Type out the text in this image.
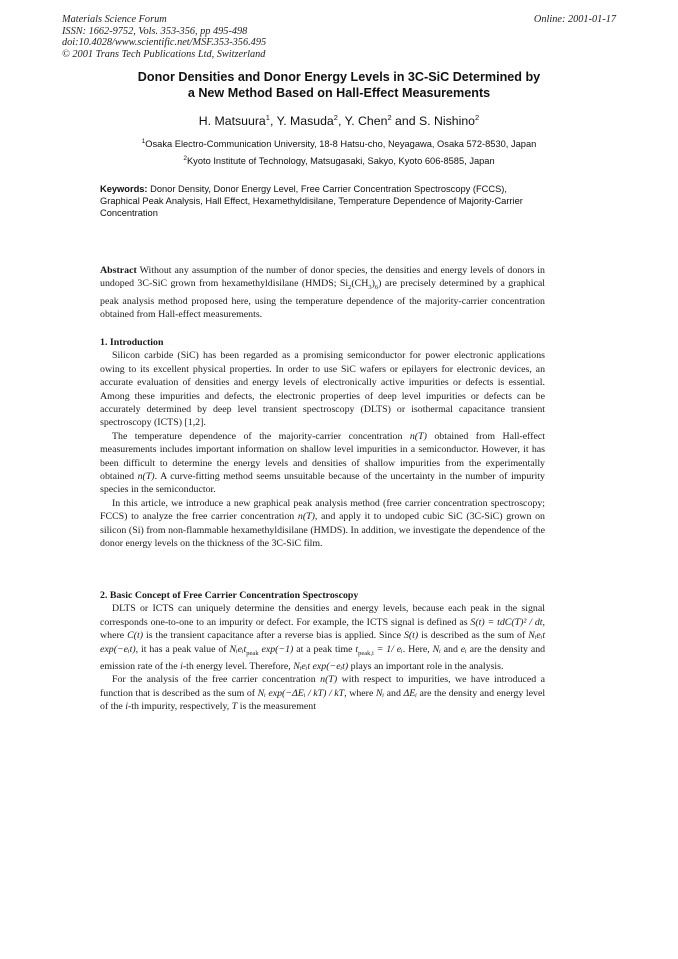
Materials Science Forum
ISSN: 1662-9752, Vols. 353-356, pp 495-498
doi:10.4028/www.scientific.net/MSF.353-356.495
© 2001 Trans Tech Publications Ltd, Switzerland
Online: 2001-01-17
Donor Densities and Donor Energy Levels in 3C-SiC Determined by
a New Method Based on Hall-Effect Measurements
H. Matsuura$^1$, Y. Masuda$^2$, Y. Chen$^2$ and S. Nishino$^2$
$^1$Osaka Electro-Communication University, 18-8 Hatsu-cho, Neyagawa, Osaka 572-8530, Japan
$^2$Kyoto Institute of Technology, Matsugasaki, Sakyo, Kyoto 606-8585, Japan
Keywords: Donor Density, Donor Energy Level, Free Carrier Concentration Spectroscopy (FCCS), Graphical Peak Analysis, Hall Effect, Hexamethyldisilane, Temperature Dependence of Majority-Carrier Concentration
Abstract Without any assumption of the number of donor species, the densities and energy levels of donors in undoped 3C-SiC grown from hexamethyldisilane (HMDS; $Si_2(CH_3)_6$) are precisely determined by a graphical peak analysis method proposed here, using the temperature dependence of the majority-carrier concentration obtained from Hall-effect measurements.
1. Introduction
Silicon carbide (SiC) has been regarded as a promising semiconductor for power electronic applications owing to its excellent physical properties. In order to use SiC wafers or epilayers for electronic devices, an accurate evaluation of densities and energy levels of electronically active impurities or defects is essential. Among these impurities and defects, the electronic properties of deep level impurities or defects can be accurately determined by deep level transient spectroscopy (DLTS) or isothermal capacitance transient spectroscopy (ICTS) [1,2].
The temperature dependence of the majority-carrier concentration n(T) obtained from Hall-effect measurements includes important information on shallow level impurities in a semiconductor. However, it has been difficult to determine the energy levels and densities of shallow impurities from the experimentally obtained n(T). A curve-fitting method seems unsuitable because of the uncertainty in the number of impurity species in the semiconductor.
In this article, we introduce a new graphical peak analysis method (free carrier concentration spectroscopy; FCCS) to analyze the free carrier concentration n(T), and apply it to undoped cubic SiC (3C-SiC) grown on silicon (Si) from non-flammable hexamethyldisilane (HMDS). In addition, we investigate the dependence of the donor energy levels on the thickness of the 3C-SiC film.
2. Basic Concept of Free Carrier Concentration Spectroscopy
DLTS or ICTS can uniquely determine the densities and energy levels, because each peak in the signal corresponds one-to-one to an impurity or defect. For example, the ICTS signal is defined as S(t) = tdC(T)² / dt, where C(t) is the transient capacitance after a reverse bias is applied. Since S(t) is described as the sum of Nᵢeᵢt exp(−eᵢt), it has a peak value of Nᵢeᵢt$_{peak}$ exp(−1) at a peak time $t_{peak,i} = 1/$ eᵢ. Here, Nᵢ and eᵢ are the density and emission rate of the i-th energy level. Therefore, Nᵢeᵢt exp(−eᵢt) plays an important role in the analysis.
For the analysis of the free carrier concentration n(T) with respect to impurities, we have introduced a function that is described as the sum of Nᵢ exp(−ΔEᵢ / kT) / kT, where Nᵢ and ΔEᵢ are the density and energy level of the i-th impurity, respectively, T is the measurement
